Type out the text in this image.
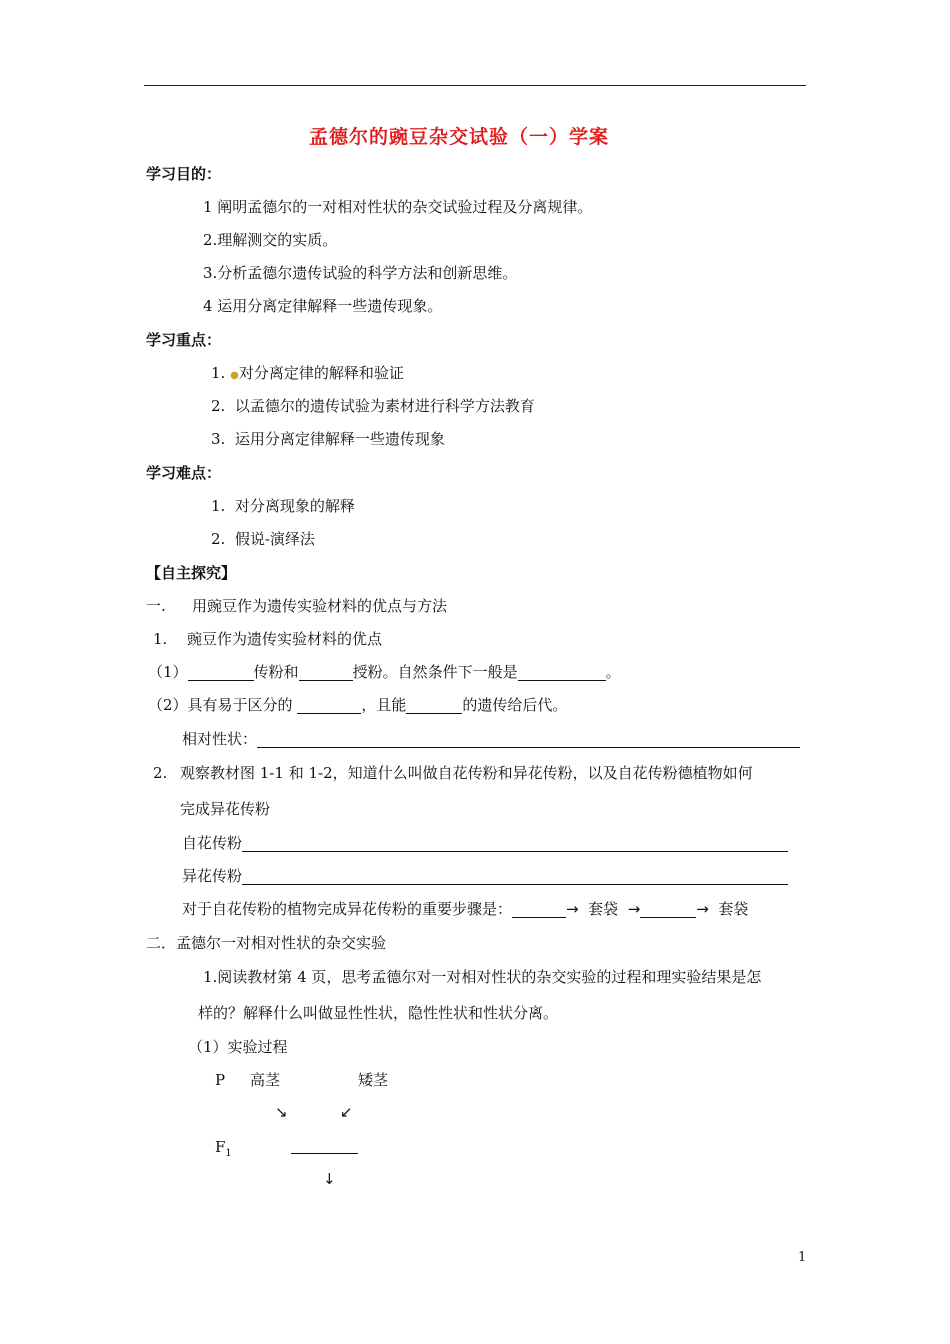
孟德尔的豌豆杂交试验（一）学案
学习目的：
1 阐明孟德尔的一对相对性状的杂交试验过程及分离规律。
2.理解测交的实质。
3.分析孟德尔遗传试验的科学方法和创新思维。
4 运用分离定律解释一些遗传现象。
学习重点：
1. ●对分离定律的解释和验证
2. 以孟德尔的遗传试验为素材进行科学方法教育
3. 运用分离定律解释一些遗传现象
学习难点：
1. 对分离现象的解释
2. 假说-演绎法
【自主探究】
一. 用豌豆作为遗传实验材料的优点与方法
1. 豌豆作为遗传实验材料的优点
（1）	传粉和	授粉。自然条件下一般是	。
（2）具有易于区分的	，且能	的遗传给后代。
相对性状：
2. 观察教材图 1-1 和 1-2，知道什么叫做自花传粉和异花传粉，以及自花传粉德植物如何
完成异花传粉
自花传粉
异花传粉
对于自花传粉的植物完成异花传粉的重要步骤是：	→ 套袋 →	→ 套袋
二．孟德尔一对相对性状的杂交实验
1.阅读教材第 4 页，思考孟德尔对一对相对性状的杂交实验的过程和理实验结果是怎
样的？解释什么叫做显性性状，隐性性状和性状分离。
（1）实验过程
P 高茎	矮茎
↘	↙
$F_1$
↓
1
